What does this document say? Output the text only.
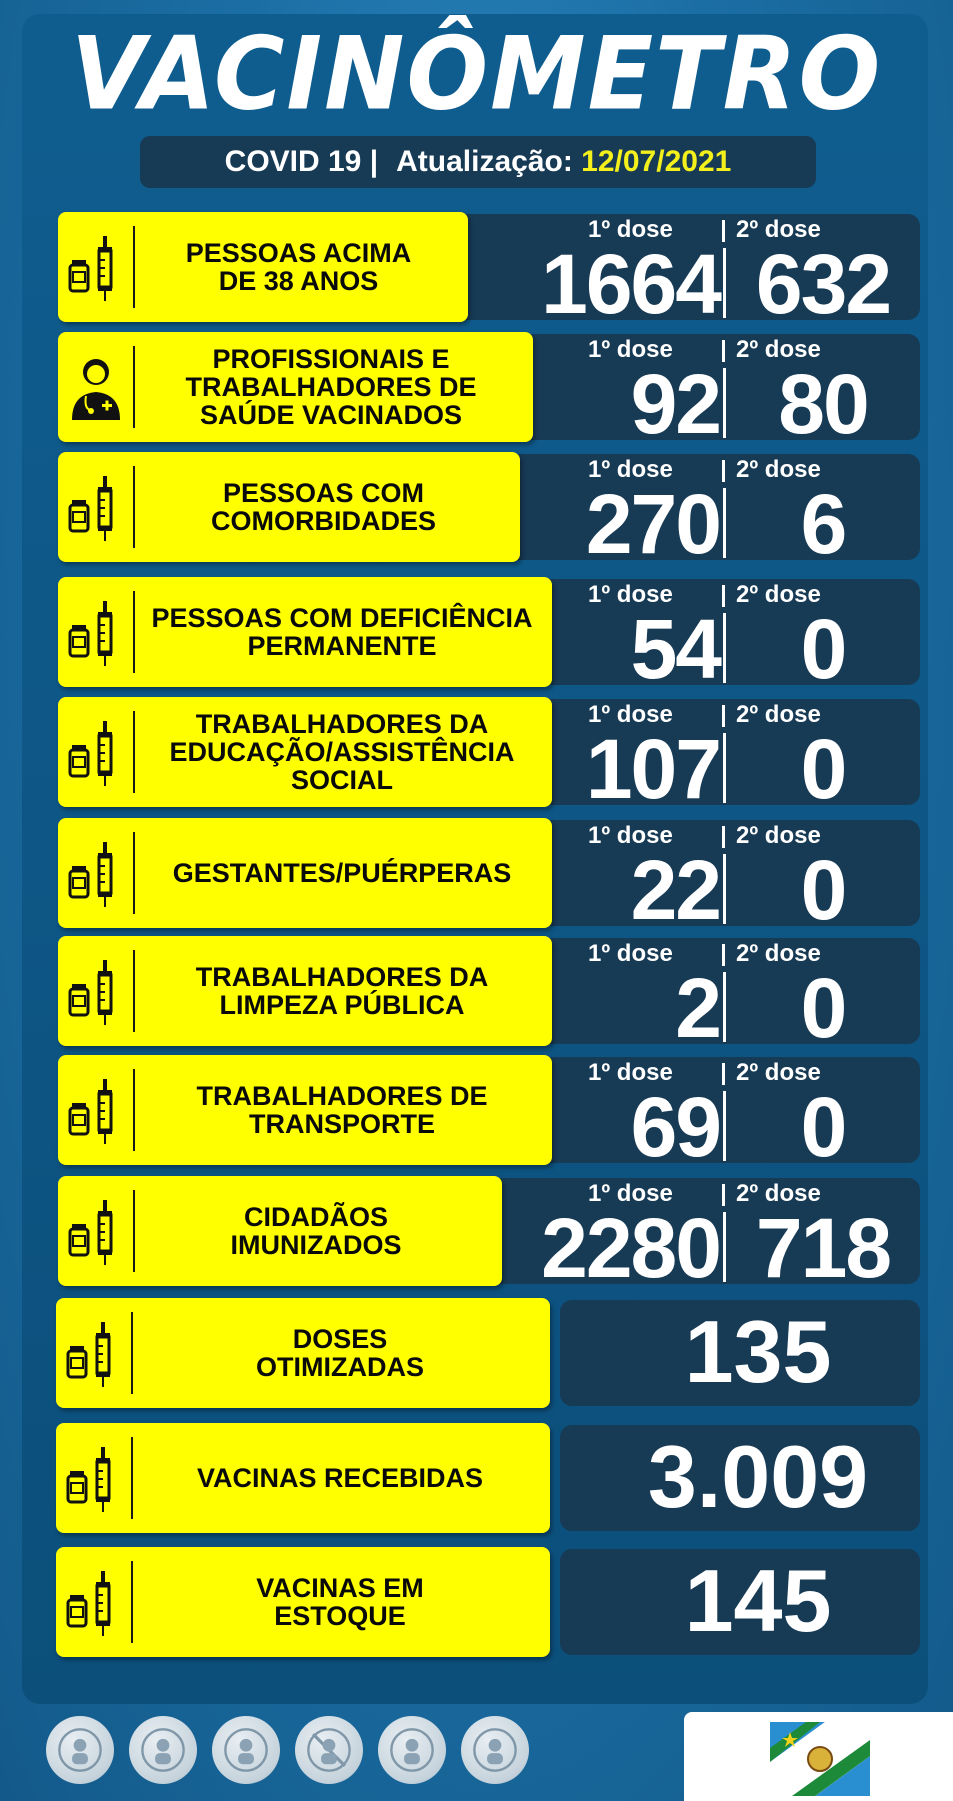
VACINÔMETRO
COVID 19 | Atualização: 12/07/2021
PESSOAS ACIMA
DE 38 ANOS
1º dose	2º dose
1664 632
PROFISSIONAIS E
TRABALHADORES DE
SAÚDE VACINADOS
1º dose	2º dose
92 80
PESSOAS COM
COMORBIDADES
1º dose	2º dose
270 6
PESSOAS COM DEFICIÊNCIA
PERMANENTE
1º dose	2º dose
54 0
TRABALHADORES DA
EDUCAÇÃO/ASSISTÊNCIA
SOCIAL
1º dose	2º dose
107 0
GESTANTES/PUÉRPERAS
1º dose	2º dose
22 0
TRABALHADORES DA
LIMPEZA PÚBLICA
1º dose	2º dose
2 0
TRABALHADORES DE
TRANSPORTE
1º dose	2º dose
69 0
CIDADÃOS
IMUNIZADOS
1º dose	2º dose
2280 718
DOSES
OTIMIZADAS	135
VACINAS RECEBIDAS	3.009
VACINAS EM
ESTOQUE	145
